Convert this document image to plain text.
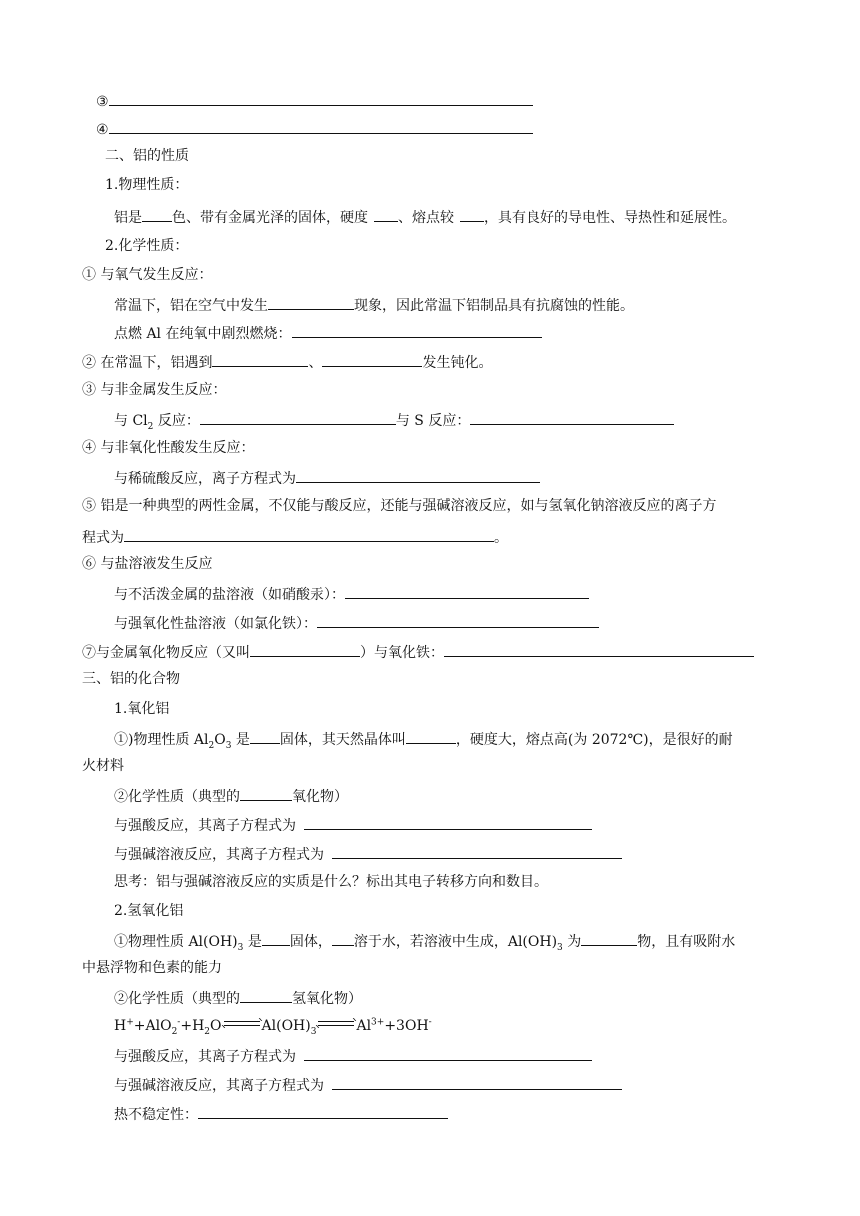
③
④
二、铝的性质
1.物理性质：
铝是 色、带有金属光泽的固体，硬度 、熔点较 ，具有良好的导电性、导热性和延展性。
2.化学性质：
① 与氧气发生反应：
常温下，铝在空气中发生	现象，因此常温下铝制品具有抗腐蚀的性能。
点燃 Al 在纯氧中剧烈燃烧：
② 在常温下，铝遇到	、	发生钝化。
③ 与非金属发生反应：
与 $Cl_2$ 反应：	与 S 反应：
④ 与非氧化性酸发生反应：
与稀硫酸反应，离子方程式为
⑤ 铝是一种典型的两性金属，不仅能与酸反应，还能与强碱溶液反应，如与氢氧化钠溶液反应的离子方
程式为	。
⑥ 与盐溶液发生反应
与不活泼金属的盐溶液（如硝酸汞）：
与强氧化性盐溶液（如氯化铁）：
⑦与金属氧化物反应（又叫	）与氧化铁：
三、铝的化合物
1.氧化铝
①)物理性质 $Al_2O_3$ 是 固体，其天然晶体叫	，硬度大，熔点高(为 2072℃)，是很好的耐
火材料
②化学性质（典型的	氧化物）
与强酸反应，其离子方程式为
与强碱溶液反应，其离子方程式为
思考：铝与强碱溶液反应的实质是什么？标出其电子转移方向和数目。
2.氢氧化铝
①物理性质 $Al(OH)_3$ 是 固体， 溶于水，若溶液中生成，$Al(OH)_3$ 为	物，且有吸附水
中悬浮物和色素的能力
②化学性质（典型的	氢氧化物）
$H^++AlO_2^-+H_2O$	$Al(OH)_3$	$Al^{3+}+3OH^-$
与强酸反应，其离子方程式为
与强碱溶液反应，其离子方程式为
热不稳定性：
